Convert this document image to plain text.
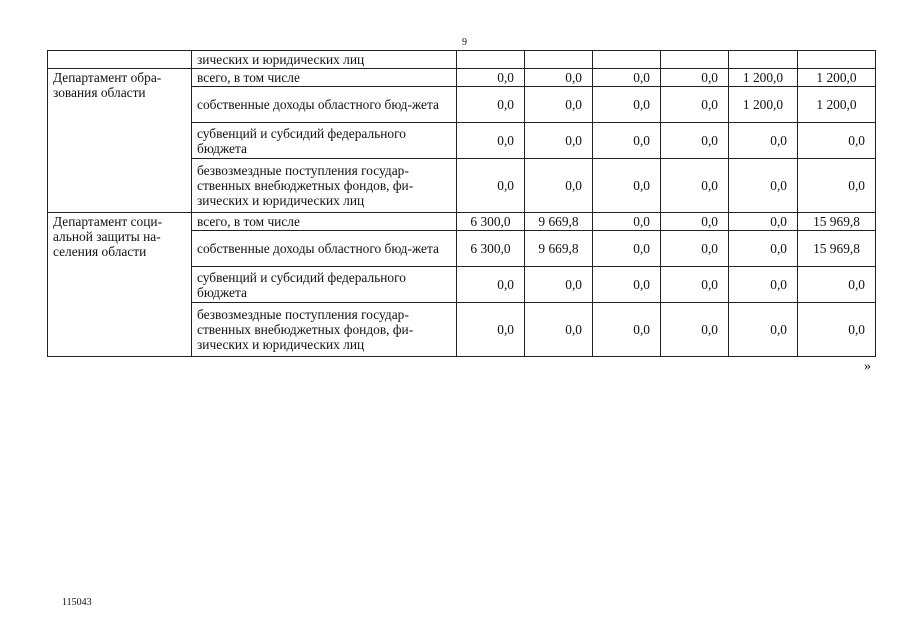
9
	зических и юридических лиц						
Департамент обра-зования области	всего, в том числе	0,0	0,0	0,0	0,0	1 200,0	1 200,0
	собственные доходы областного бюд-жета	0,0	0,0	0,0	0,0	1 200,0	1 200,0
	субвенций и субсидий федерального бюджета	0,0	0,0	0,0	0,0	0,0	0,0
	безвозмездные поступления государ-ственных внебюджетных фондов, фи-зических и юридических лиц	0,0	0,0	0,0	0,0	0,0	0,0
Департамент соци-альной защиты на-селения области	всего, в том числе	6 300,0	9 669,8	0,0	0,0	0,0	15 969,8
	собственные доходы областного бюд-жета	6 300,0	9 669,8	0,0	0,0	0,0	15 969,8
	субвенций и субсидий федерального бюджета	0,0	0,0	0,0	0,0	0,0	0,0
	безвозмездные поступления государ-ственных внебюджетных фондов, фи-зических и юридических лиц	0,0	0,0	0,0	0,0	0,0	0,0
»
115043
